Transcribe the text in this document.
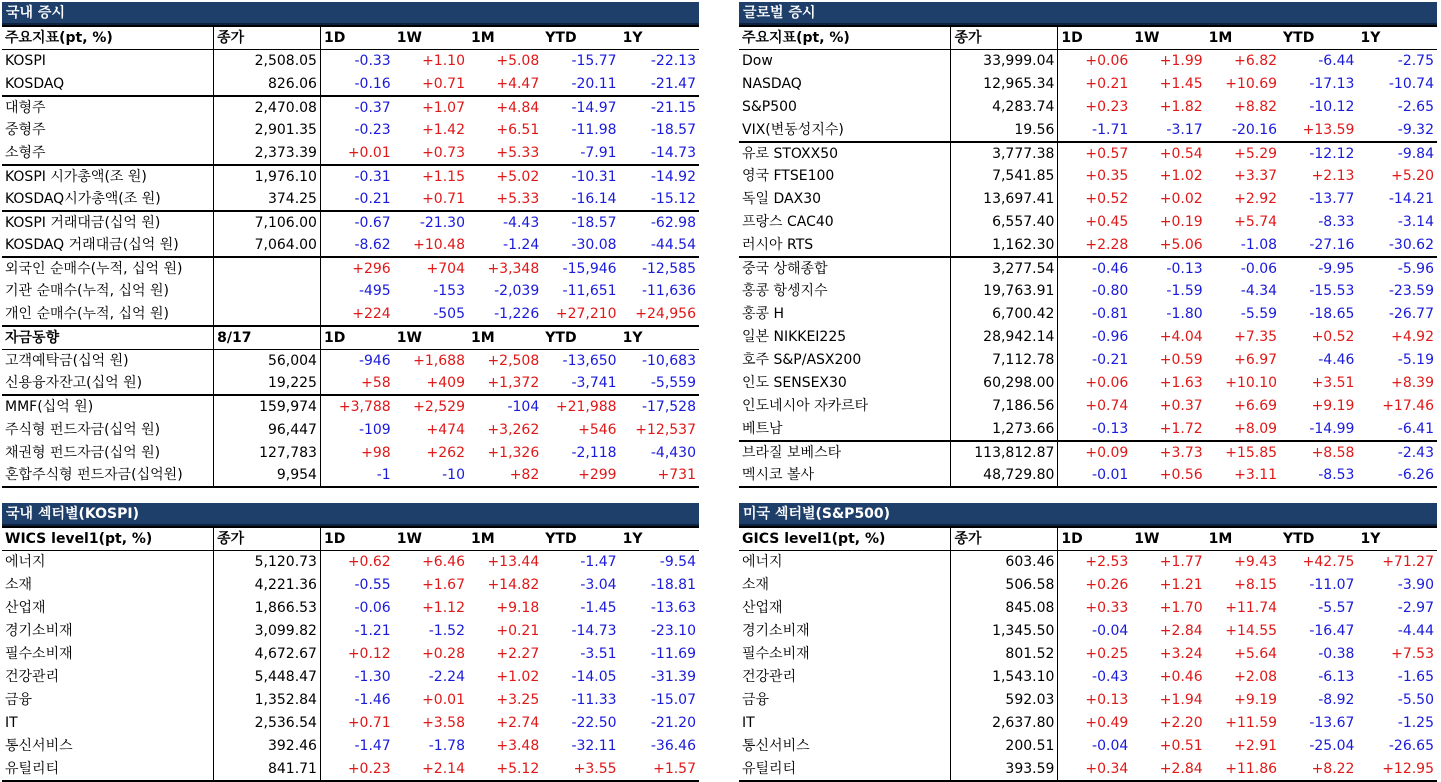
국내 증시
주요지표(pt, %)	종가	1D	1W	1M	YTD	1Y
KOSPI	2,508.05	-0.33	+1.10	+5.08	-15.77	-22.13
KOSDAQ	826.06	-0.16	+0.71	+4.47	-20.11	-21.47
대형주	2,470.08	-0.37	+1.07	+4.84	-14.97	-21.15
중형주	2,901.35	-0.23	+1.42	+6.51	-11.98	-18.57
소형주	2,373.39	+0.01	+0.73	+5.33	-7.91	-14.73
KOSPI 시가총액(조 원)	1,976.10	-0.31	+1.15	+5.02	-10.31	-14.92
KOSDAQ시가총액(조 원)	374.25	-0.21	+0.71	+5.33	-16.14	-15.12
KOSPI 거래대금(십억 원)	7,106.00	-0.67	-21.30	-4.43	-18.57	-62.98
KOSDAQ 거래대금(십억 원)	7,064.00	-8.62	+10.48	-1.24	-30.08	-44.54
외국인 순매수(누적, 십억 원)		+296	+704	+3,348	-15,946	-12,585
기관 순매수(누적, 십억 원)		-495	-153	-2,039	-11,651	-11,636
개인 순매수(누적, 십억 원)		+224	-505	-1,226	+27,210	+24,956
자금동향	8/17	1D	1W	1M	YTD	1Y
고객예탁금(십억 원)	56,004	-946	+1,688	+2,508	-13,650	-10,683
신용융자잔고(십억 원)	19,225	+58	+409	+1,372	-3,741	-5,559
MMF(십억 원)	159,974	+3,788	+2,529	-104	+21,988	-17,528
주식형 펀드자금(십억 원)	96,447	-109	+474	+3,262	+546	+12,537
채권형 펀드자금(십억 원)	127,783	+98	+262	+1,326	-2,118	-4,430
혼합주식형 펀드자금(십억원)	9,954	-1	-10	+82	+299	+731
글로벌 증시
주요지표(pt, %)	종가	1D	1W	1M	YTD	1Y
Dow	33,999.04	+0.06	+1.99	+6.82	-6.44	-2.75
NASDAQ	12,965.34	+0.21	+1.45	+10.69	-17.13	-10.74
S&P500	4,283.74	+0.23	+1.82	+8.82	-10.12	-2.65
VIX(변동성지수)	19.56	-1.71	-3.17	-20.16	+13.59	-9.32
유로 STOXX50	3,777.38	+0.57	+0.54	+5.29	-12.12	-9.84
영국 FTSE100	7,541.85	+0.35	+1.02	+3.37	+2.13	+5.20
독일 DAX30	13,697.41	+0.52	+0.02	+2.92	-13.77	-14.21
프랑스 CAC40	6,557.40	+0.45	+0.19	+5.74	-8.33	-3.14
러시아 RTS	1,162.30	+2.28	+5.06	-1.08	-27.16	-30.62
중국 상해종합	3,277.54	-0.46	-0.13	-0.06	-9.95	-5.96
홍콩 항셍지수	19,763.91	-0.80	-1.59	-4.34	-15.53	-23.59
홍콩 H	6,700.42	-0.81	-1.80	-5.59	-18.65	-26.77
일본 NIKKEI225	28,942.14	-0.96	+4.04	+7.35	+0.52	+4.92
호주 S&P/ASX200	7,112.78	-0.21	+0.59	+6.97	-4.46	-5.19
인도 SENSEX30	60,298.00	+0.06	+1.63	+10.10	+3.51	+8.39
인도네시아 자카르타	7,186.56	+0.74	+0.37	+6.69	+9.19	+17.46
베트남	1,273.66	-0.13	+1.72	+8.09	-14.99	-6.41
브라질 보베스타	113,812.87	+0.09	+3.73	+15.85	+8.58	-2.43
멕시코 볼사	48,729.80	-0.01	+0.56	+3.11	-8.53	-6.26
국내 섹터별(KOSPI)
WICS level1(pt, %)	종가	1D	1W	1M	YTD	1Y
에너지	5,120.73	+0.62	+6.46	+13.44	-1.47	-9.54
소재	4,221.36	-0.55	+1.67	+14.82	-3.04	-18.81
산업재	1,866.53	-0.06	+1.12	+9.18	-1.45	-13.63
경기소비재	3,099.82	-1.21	-1.52	+0.21	-14.73	-23.10
필수소비재	4,672.67	+0.12	+0.28	+2.27	-3.51	-11.69
건강관리	5,448.47	-1.30	-2.24	+1.02	-14.05	-31.39
금융	1,352.84	-1.46	+0.01	+3.25	-11.33	-15.07
IT	2,536.54	+0.71	+3.58	+2.74	-22.50	-21.20
통신서비스	392.46	-1.47	-1.78	+3.48	-32.11	-36.46
유틸리티	841.71	+0.23	+2.14	+5.12	+3.55	+1.57
미국 섹터별(S&P500)
GICS level1(pt, %)	종가	1D	1W	1M	YTD	1Y
에너지	603.46	+2.53	+1.77	+9.43	+42.75	+71.27
소재	506.58	+0.26	+1.21	+8.15	-11.07	-3.90
산업재	845.08	+0.33	+1.70	+11.74	-5.57	-2.97
경기소비재	1,345.50	-0.04	+2.84	+14.55	-16.47	-4.44
필수소비재	801.52	+0.25	+3.24	+5.64	-0.38	+7.53
건강관리	1,543.10	-0.43	+0.46	+2.08	-6.13	-1.65
금융	592.03	+0.13	+1.94	+9.19	-8.92	-5.50
IT	2,637.80	+0.49	+2.20	+11.59	-13.67	-1.25
통신서비스	200.51	-0.04	+0.51	+2.91	-25.04	-26.65
유틸리티	393.59	+0.34	+2.84	+11.86	+8.22	+12.95
